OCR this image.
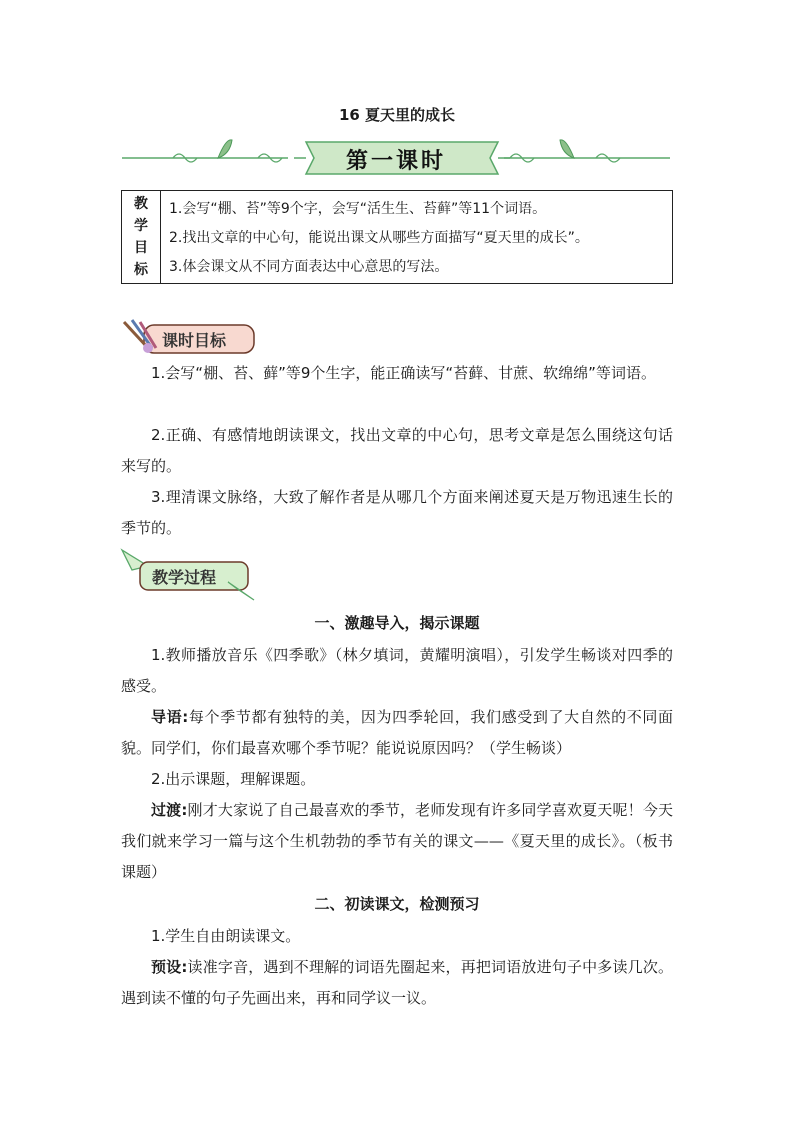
16 夏天里的成长
第一课时
教
学
目
标
1.会写“棚、苔”等9个字，会写“活生生、苔藓”等11个词语。
2.找出文章的中心句，能说出课文从哪些方面描写“夏天里的成长”。
3.体会课文从不同方面表达中心意思的写法。
课时目标
1.会写“棚、苔、藓”等9个生字，能正确读写“苔藓、甘蔗、软绵绵”等词语。
2.正确、有感情地朗读课文，找出文章的中心句，思考文章是怎么围绕这句话来写的。
3.理清课文脉络，大致了解作者是从哪几个方面来阐述夏天是万物迅速生长的季节的。
教学过程
一、激趣导入，揭示课题
1.教师播放音乐《四季歌》（林夕填词，黄耀明演唱），引发学生畅谈对四季的感受。
导语:每个季节都有独特的美，因为四季轮回，我们感受到了大自然的不同面貌。同学们，你们最喜欢哪个季节呢？能说说原因吗？（学生畅谈）
2.出示课题，理解课题。
过渡:刚才大家说了自己最喜欢的季节，老师发现有许多同学喜欢夏天呢！今天我们就来学习一篇与这个生机勃勃的季节有关的课文——《夏天里的成长》。（板书课题）
二、初读课文，检测预习
1.学生自由朗读课文。
预设:读准字音，遇到不理解的词语先圈起来，再把词语放进句子中多读几次。遇到读不懂的句子先画出来，再和同学议一议。
